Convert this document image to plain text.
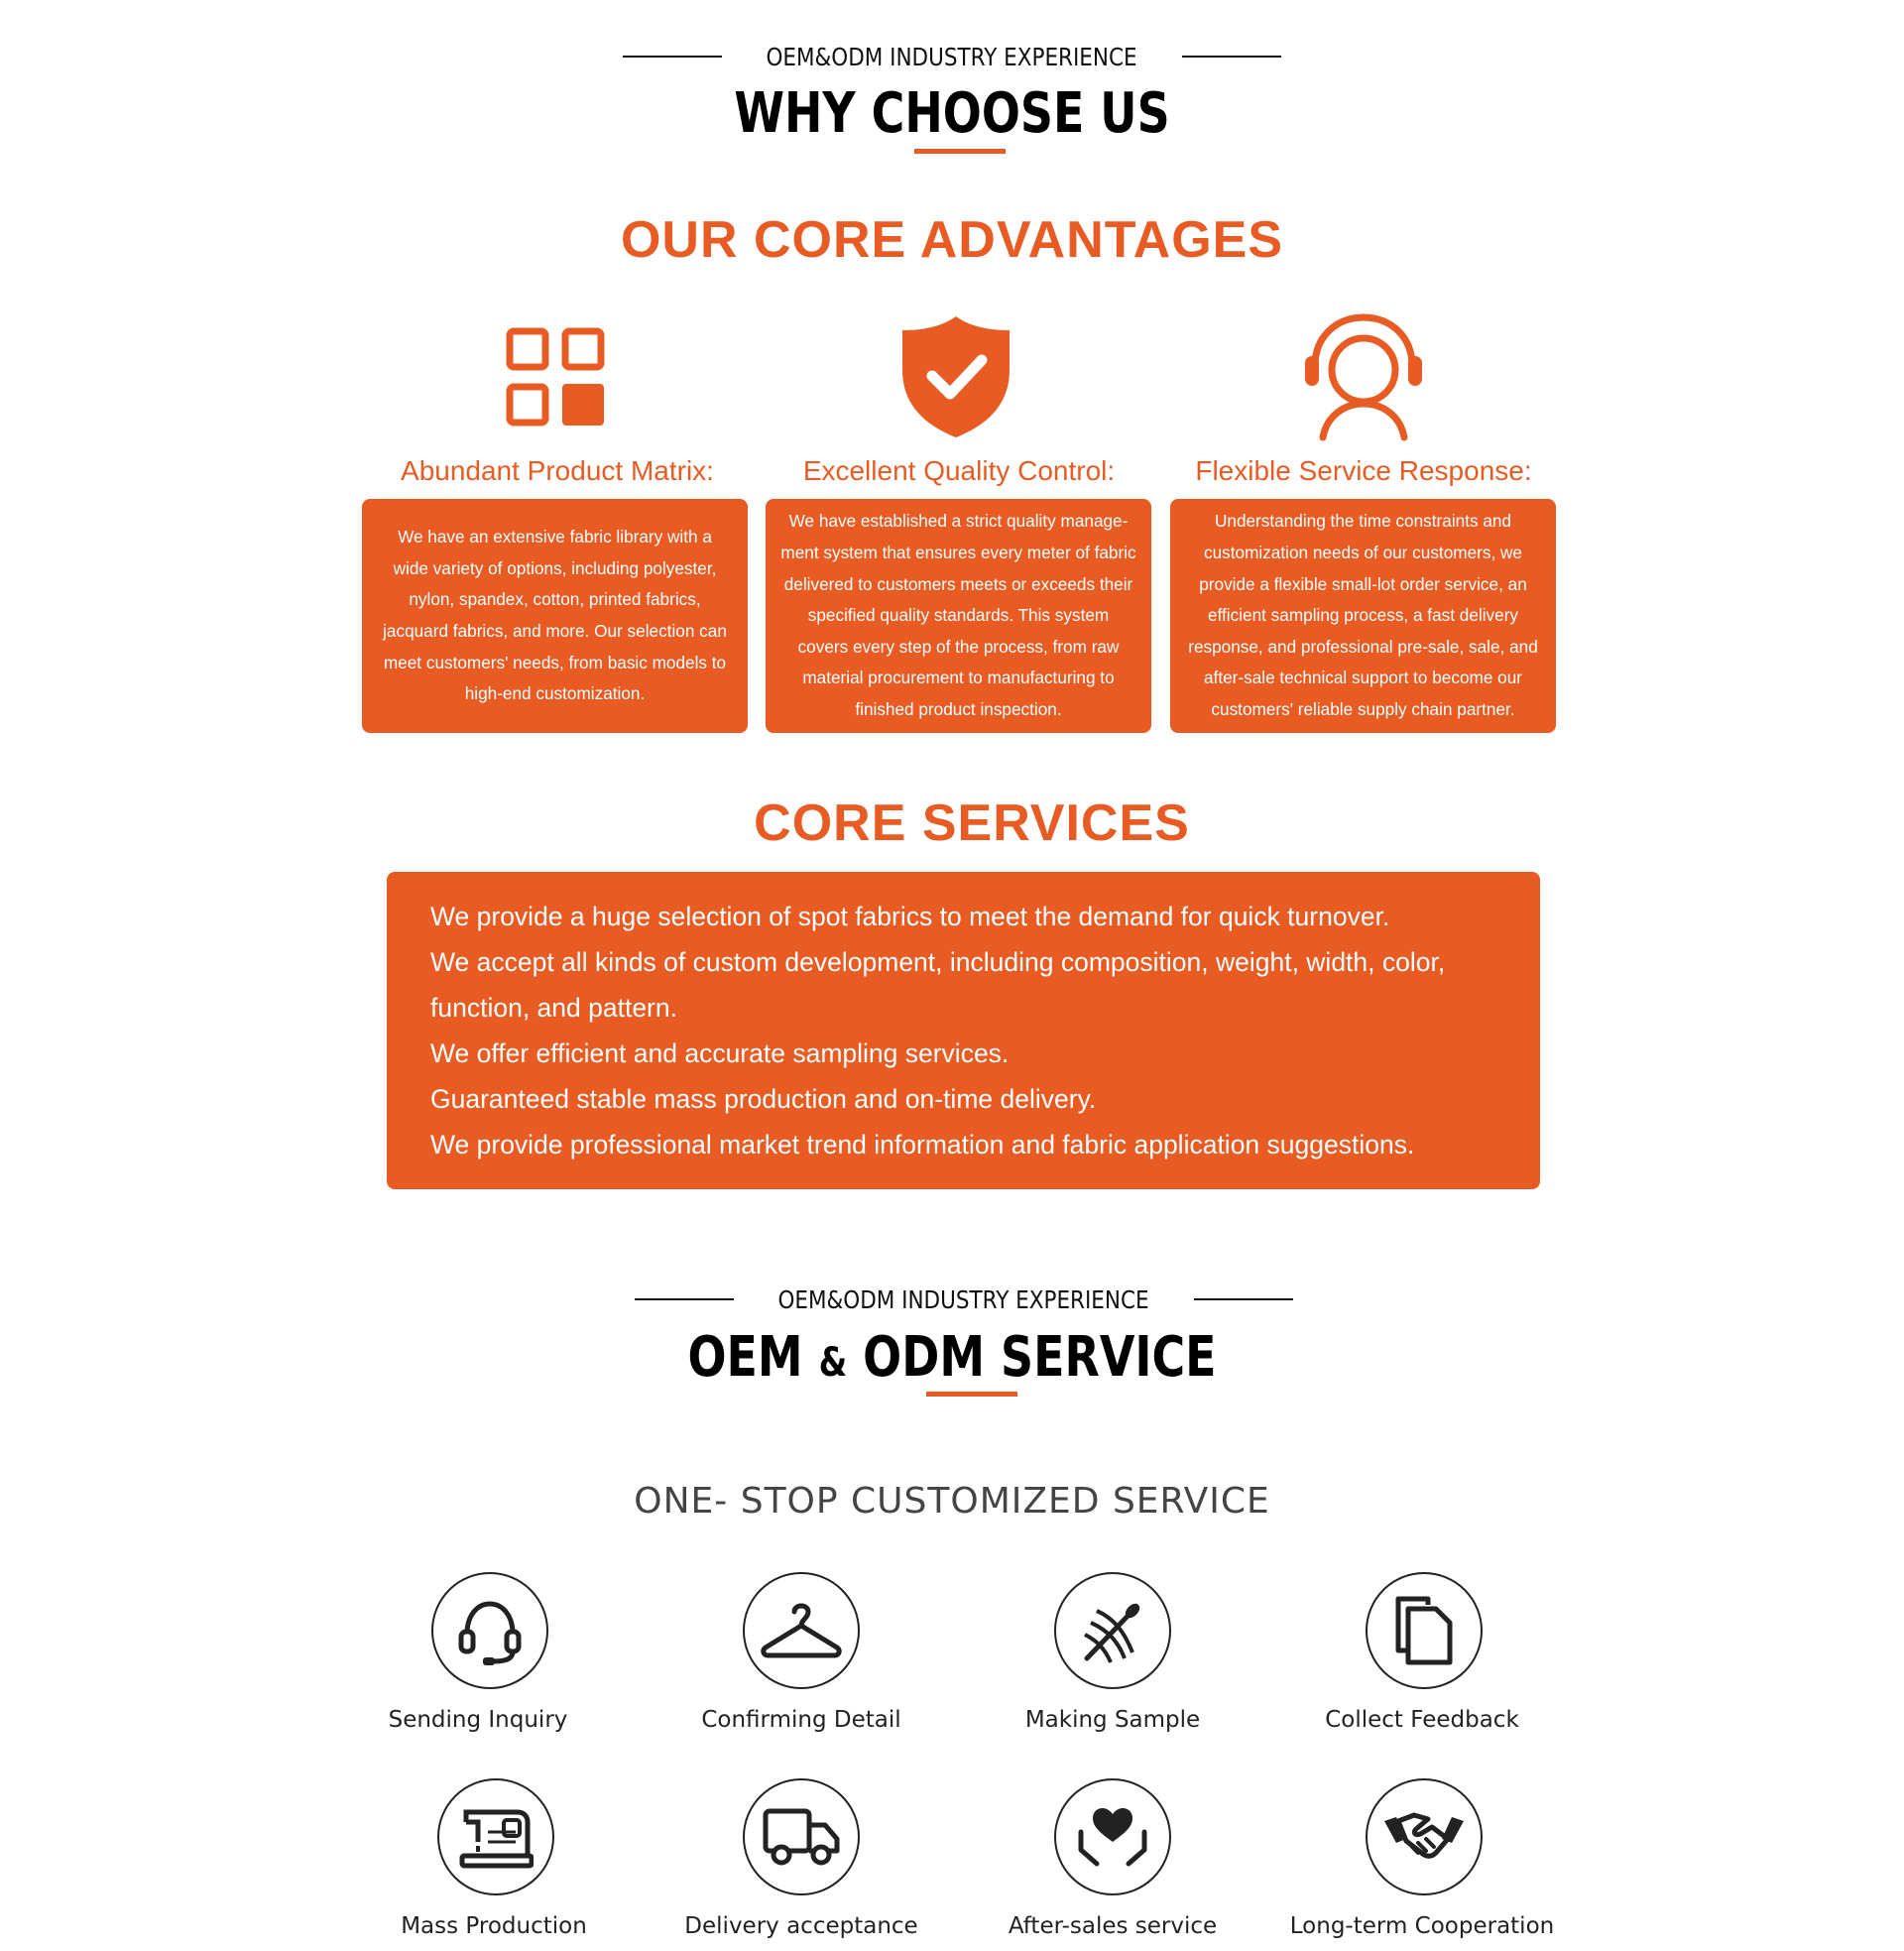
OEM&ODM INDUSTRY EXPERIENCE
WHY CHOOSE US
OUR CORE ADVANTAGES
Abundant Product Matrix:	Excellent Quality Control:	Flexible Service Response:

We have an extensive fabric library with a
wide variety of options, including polyester,
nylon, spandex, cotton, printed fabrics,
jacquard fabrics, and more. Our selection can
meet customers' needs, from basic models to
high-end customization.

We have established a strict quality manage-
ment system that ensures every meter of fabric
delivered to customers meets or exceeds their
specified quality standards. This system
covers every step of the process, from raw
material procurement to manufacturing to
finished product inspection.

Understanding the time constraints and
customization needs of our customers, we
provide a flexible small-lot order service, an
efficient sampling process, a fast delivery
response, and professional pre-sale, sale, and
after-sale technical support to become our
customers' reliable supply chain partner.

CORE SERVICES
We provide a huge selection of spot fabrics to meet the demand for quick turnover.
We accept all kinds of custom development, including composition, weight, width, color,
function, and pattern.
We offer efficient and accurate sampling services.
Guaranteed stable mass production and on-time delivery.
We provide professional market trend information and fabric application suggestions.
OEM&ODM INDUSTRY EXPERIENCE
OEM & ODM SERVICE
ONE- STOP CUSTOMIZED SERVICE
Sending Inquiry	Confirming Detail	Making Sample	Collect Feedback
Mass Production	Delivery acceptance	After-sales service	Long-term Cooperation
